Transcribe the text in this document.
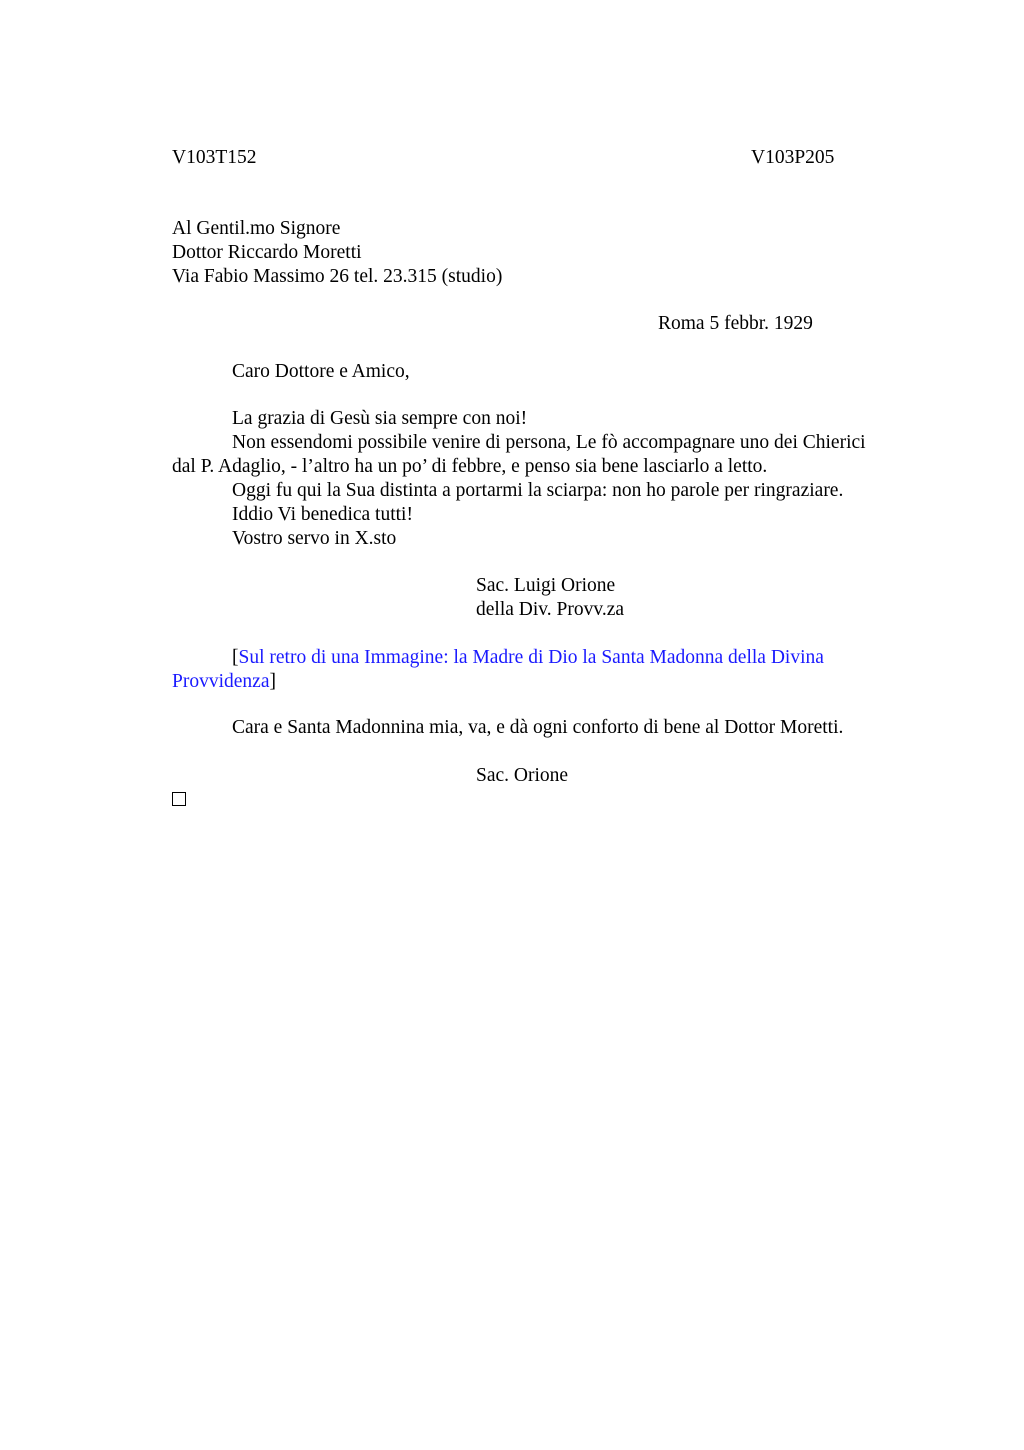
V103T152	V103P205
Al Gentil.mo Signore
Dottor Riccardo Moretti
Via Fabio Massimo 26 tel. 23.315 (studio)
Roma 5 febbr. 1929
Caro Dottore e Amico,
La grazia di Gesù sia sempre con noi!
Non essendomi possibile venire di persona, Le fò accompagnare uno dei Chierici
dal P. Adaglio, - l’altro ha un po’ di febbre, e penso sia bene lasciarlo a letto.
Oggi fu qui la Sua distinta a portarmi la sciarpa: non ho parole per ringraziare.
Iddio Vi benedica tutti!
Vostro servo in X.sto
Sac. Luigi Orione
della Div. Provv.za
[Sul retro di una Immagine: la Madre di Dio la Santa Madonna della Divina
Provvidenza]
Cara e Santa Madonnina mia, va, e dà ogni conforto di bene al Dottor Moretti.
Sac. Orione
